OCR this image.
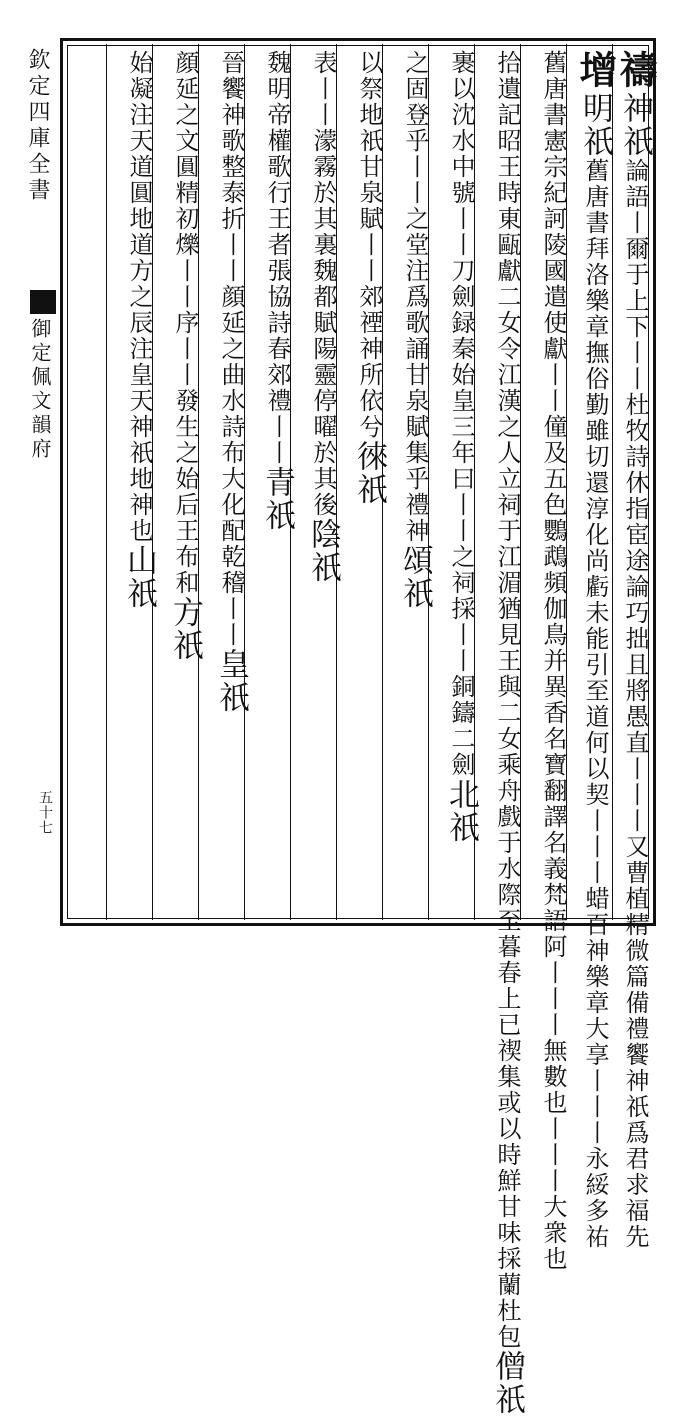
欽定四庫全書
御定佩文韻府
五十七
禱神祇論語丨爾于上下丨丨杜牧詩休指宦途論巧拙且將愚直丨丨丨又曹植精微篇備禮饗神祇爲君求福先
增明祇舊唐書拜洛樂章撫俗勤雖切還淳化尚虧未能引至道何以契丨丨丨蜡百神樂章大享丨丨丨永綏多祐
舊唐書憲宗紀訶陵國遣使獻丨丨僮及五色鸚鵡頻伽鳥并異香名寶翻譯名義梵語阿丨丨丨無數也丨丨丨大衆也
拾遺記昭王時東甌獻二女令江漢之人立祠于江湄猶見王與二女乘舟戲于水際至暮春上已禊集或以時鮮甘味採蘭杜包僧祇
裹以沈水中號丨丨刀劍録秦始皇三年曰丨丨之祠採丨丨銅鑄二劍北祇
之固登乎丨丨之堂注爲歌誦甘泉賦集乎禮神頌祇
以祭地祇甘泉賦丨丨郊禋神所依兮徠祇
表丨丨濛霧於其裏魏都賦陽靈停曜於其後陰祇
魏明帝權歌行王者張協詩春郊禮丨丨青祇
晉饗神歌整泰折丨丨顔延之曲水詩布大化配乾稽丨丨皇祇
顔延之文圓精初爍丨丨序丨丨發生之始后王布和方祇
始凝注天道圓地道方之辰注皇天神祇地神也山祇
